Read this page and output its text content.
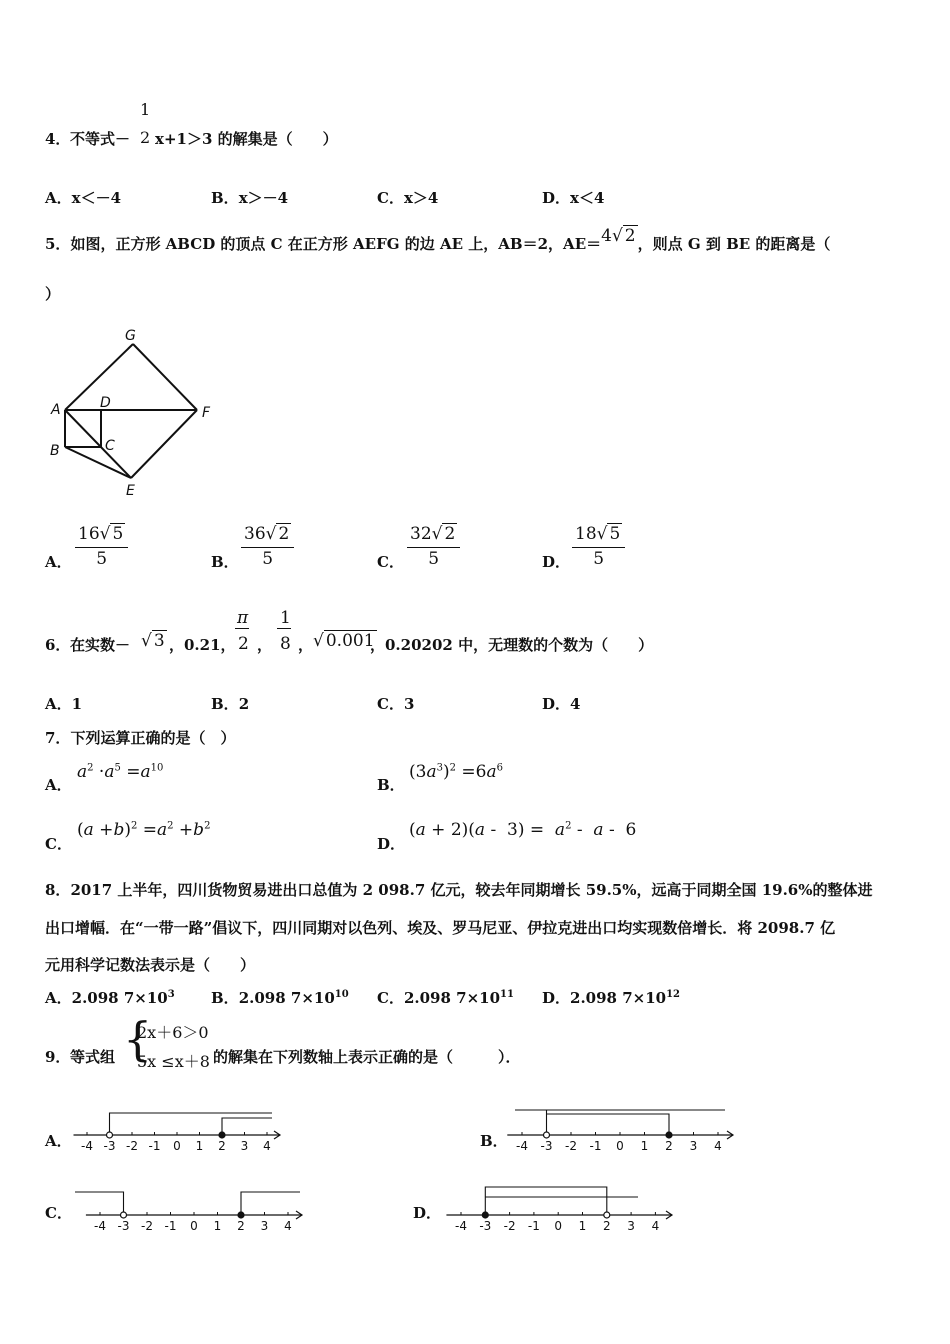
4． 不等式－
1
2 x+1＞3 的解集是（　　）
A．x＜－4	B．x＞－4	C．x＞4	D．x＜4
5．如图，正方形 ABCD 的顶点 C 在正方形 AEFG 的边 AE 上，AB＝2，AE＝4√ 2 ，则点 G 到 BE 的距离是（
）
G
A	D
F
B	C
E
A． $\frac{16√ 5}{5}$	B． $\frac{36√ 2}{5}$	C． $\frac{32√ 2}{5}$	D． $\frac{18√ 5}{5}$
6． 在实数－ √ 3 ，0.21，
π
2 ，
1
8 ， √ 0.001
，0.20202 中，无理数的个数为（　　）
A．1	B．2	C．3	D．4
7．下列运算正确的是（　）
A．
$a^2 \cdot a^5 =a^{10}$
B．
$(3a^3)^2 =6a^6$
C．
$(a +b)^2 =a^2 +b^2$
D．
$(a + 2)(a - 3) = a^2 - a - 6$
8．2017 上半年，四川货物贸易进出口总值为 2 098.7 亿元，较去年同期增长 59.5%，远高于同期全国 19.6%的整体进
出口增幅．在“一带一路”倡议下，四川同期对以色列、埃及、罗马尼亚、伊拉克进出口均实现数倍增长．将 2098.7 亿
元用科学记数法表示是（　　）
A．2.098 $7\times 10^3$ B．2.098 $7\times 10^{10}$ C．2.098 $7\times 10^{11}$ D．2.098 $7\times 10^{12}$
9． 等式组 {
2x＋6＞0
5x ≤x＋8 的解集在下列数轴上表示正确的是（　　　）．
A． -4 -3 -2 -1 0 1 2 3 4	B． -4 -3 -2 -1 0 1 2 3 4
C．
-4 -3 -2 -1 0 1 2 3 4
D．
-4 -3 -2 -1 0 1 2 3 4
